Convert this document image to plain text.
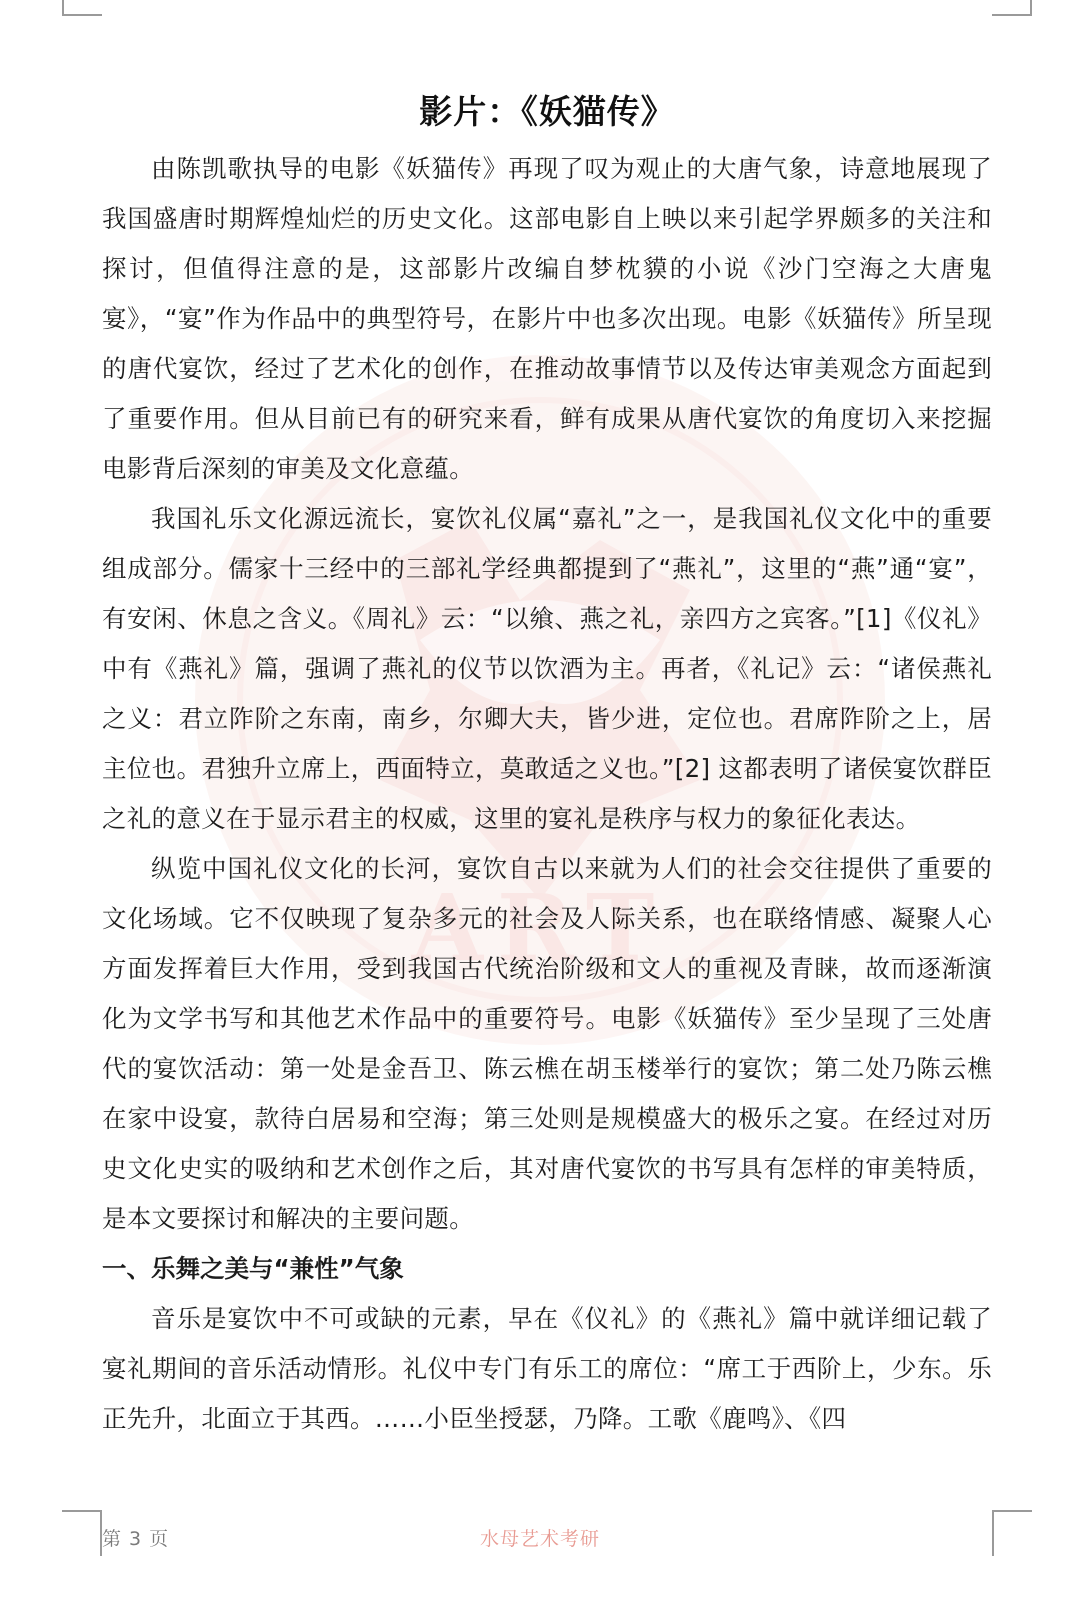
ART
影片：《妖猫传》

由陈凯歌执导的电影《妖猫传》再现了叹为观止的大唐气象，诗意地展现了我国盛唐时期辉煌灿烂的历史文化。这部电影自上映以来引起学界颇多的关注和探讨，但值得注意的是，这部影片改编自梦枕貘的小说《沙门空海之大唐鬼宴》，“宴”作为作品中的典型符号，在影片中也多次出现。电影《妖猫传》所呈现的唐代宴饮，经过了艺术化的创作，在推动故事情节以及传达审美观念方面起到了重要作用。但从目前已有的研究来看，鲜有成果从唐代宴饮的角度切入来挖掘电影背后深刻的审美及文化意蕴。

我国礼乐文化源远流长，宴饮礼仪属“嘉礼”之一，是我国礼仪文化中的重要组成部分。儒家十三经中的三部礼学经典都提到了“燕礼”，这里的“燕”通“宴”，有安闲、休息之含义。《周礼》云：“以飨、燕之礼，亲四方之宾客。”[1]《仪礼》中有《燕礼》篇，强调了燕礼的仪节以饮酒为主。再者，《礼记》云：“诸侯燕礼之义：君立阼阶之东南，南乡，尔卿大夫，皆少进，定位也。君席阼阶之上，居主位也。君独升立席上，西面特立，莫敢适之义也。”[2] 这都表明了诸侯宴饮群臣之礼的意义在于显示君主的权威，这里的宴礼是秩序与权力的象征化表达。

纵览中国礼仪文化的长河，宴饮自古以来就为人们的社会交往提供了重要的文化场域。它不仅映现了复杂多元的社会及人际关系，也在联络情感、凝聚人心方面发挥着巨大作用，受到我国古代统治阶级和文人的重视及青睐，故而逐渐演化为文学书写和其他艺术作品中的重要符号。电影《妖猫传》至少呈现了三处唐代的宴饮活动：第一处是金吾卫、陈云樵在胡玉楼举行的宴饮；第二处乃陈云樵在家中设宴，款待白居易和空海；第三处则是规模盛大的极乐之宴。在经过对历史文化史实的吸纳和艺术创作之后，其对唐代宴饮的书写具有怎样的审美特质，是本文要探讨和解决的主要问题。

一、乐舞之美与“兼性”气象

音乐是宴饮中不可或缺的元素，早在《仪礼》的《燕礼》篇中就详细记载了宴礼期间的音乐活动情形。礼仪中专门有乐工的席位：“席工于西阶上，少东。乐正先升，北面立于其西。……小臣坐授瑟，乃降。工歌《鹿鸣》、《四

第 3 页	水母艺术考研
